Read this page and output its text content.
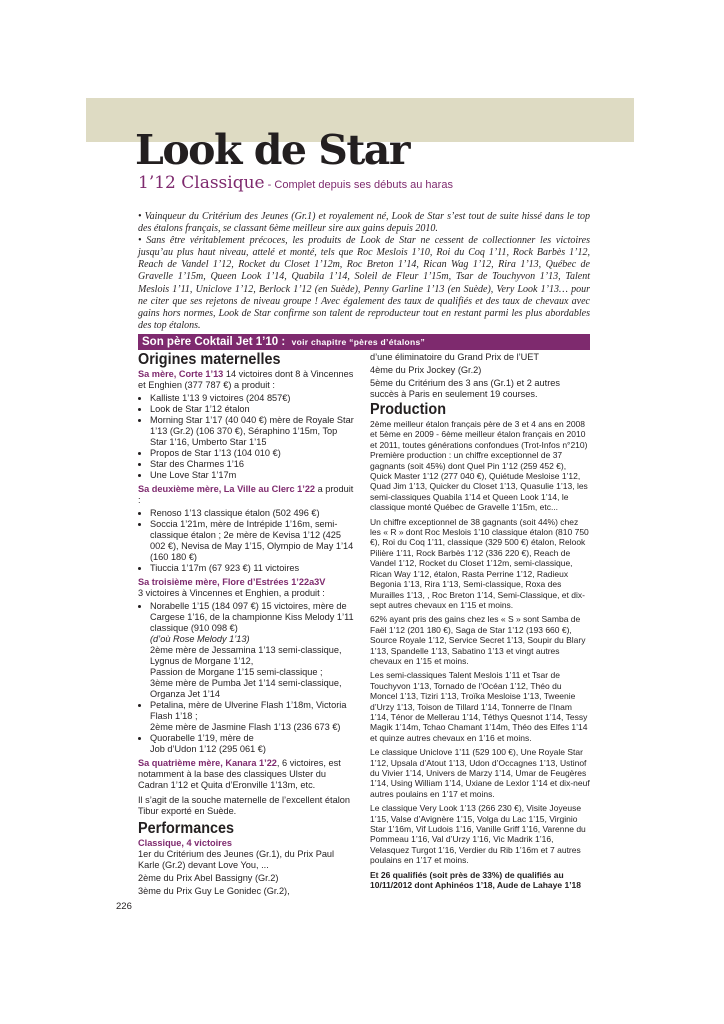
Look de Star
1’12 Classique - Complet depuis ses débuts au haras

• Vainqueur du Critérium des Jeunes (Gr.1) et royalement né, Look de Star s’est tout de suite hissé dans le top des étalons français, se classant 6ème meilleur sire aux gains depuis 2010.

• Sans être véritablement précoces, les produits de Look de Star ne cessent de collectionner les victoires jusqu’au plus haut niveau, attelé et monté, tels que Roc Meslois 1’10, Roi du Coq 1’11, Rock Barbès 1’12, Reach de Vandel 1’12, Rocket du Closet 1’12m, Roc Breton 1’14, Rican Wag 1’12, Rira 1’13, Québec de Gravelle 1’15m, Queen Look 1’14, Quabila 1’14, Soleil de Fleur 1’15m, Tsar de Touchyvon 1’13, Talent Meslois 1’11, Uniclove 1’12, Berlock 1’12 (en Suède), Penny Garline 1’13 (en Suède), Very Look 1’13… pour ne citer que ses rejetons de niveau groupe ! Avec également des taux de qualifiés et des taux de chevaux avec gains hors normes, Look de Star confirme son talent de reproducteur tout en restant parmi les plus abordables des top étalons.

Son père Coktail Jet 1’10 : voir chapitre “pères d’étalons”
Origines maternelles
Sa mère, Corte 1’13 14 victoires dont 8 à Vincennes et Enghien (377 787 €) a produit :
• Kalliste 1’13 9 victoires (204 857€)
• Look de Star 1’12 étalon
• Morning Star 1’17 (40 040 €) mère de Royale Star 1’13 (Gr.2) (106 370 €), Séraphino 1’15m, Top Star 1’16, Umberto Star 1’15
• Propos de Star 1’13 (104 010 €)
• Star des Charmes 1’16
• Une Love Star 1’17m
Sa deuxième mère, La Ville au Clerc 1’22 a produit :
• Renoso 1’13 classique étalon (502 496 €)
• Soccia 1’21m, mère de Intrépide 1’16m, semi-classique étalon ; 2e mère de Kevisa 1’12 (425 002 €), Nevisa de May 1’15, Olympio de May 1’14 (160 180 €)
• Tiuccia 1’17m (67 923 €) 11 victoires
Sa troisième mère, Flore d’Estrées 1’22a3V
3 victoires à Vincennes et Enghien, a produit :
• Norabelle 1’15 (184 097 €) 15 victoires, mère de Cargese 1’16, de la championne Kiss Melody 1’11 classique (910 098 €)
(d’où Rose Melody 1’13)
2ème mère de Jessamina 1’13 semi-classique,
Lygnus de Morgane 1’12,
Passion de Morgane 1’15 semi-classique ;
3ème mère de Pumba Jet 1’14 semi-classique,
Organza Jet 1’14
• Petalina, mère de Ulverine Flash 1’18m, Victoria Flash 1’18 ;
2ème mère de Jasmine Flash 1’13 (236 673 €)
• Quorabelle 1’19, mère de
Job d’Udon 1’12 (295 061 €)
Sa quatrième mère, Kanara 1’22, 6 victoires, est notamment à la base des classiques Ulster du Cadran 1’12 et Quita d’Eronville 1’13m, etc.
Il s’agit de la souche maternelle de l’excellent étalon Tibur exporté en Suède.
Performances
Classique, 4 victoires
1er du Critérium des Jeunes (Gr.1), du Prix Paul Karle (Gr.2) devant Love You, ...
2ème du Prix Abel Bassigny (Gr.2)
3ème du Prix Guy Le Gonidec (Gr.2),
d’une éliminatoire du Grand Prix de l’UET
4ème du Prix Jockey (Gr.2)
5ème du Critérium des 3 ans (Gr.1) et 2 autres succès à Paris en seulement 19 courses.
Production
2ème meilleur étalon français père de 3 et 4 ans en 2008 et 5ème en 2009 - 6ème meilleur étalon français en 2010 et 2011, toutes générations confondues (Trot-Infos n°210) Première production : un chiffre exceptionnel de 37 gagnants (soit 45%) dont Quel Pin 1’12 (259 452 €), Quick Master 1’12 (277 040 €), Quiétude Mesloise 1’12, Quad Jim 1’13, Quicker du Closet 1’13, Quasulie 1’13, les semi-classiques Quabila 1’14 et Queen Look 1’14, le classique monté Québec de Gravelle 1’15m, etc...
Un chiffre exceptionnel de 38 gagnants (soit 44%) chez les « R » dont Roc Meslois 1’10 classique étalon (810 750 €), Roi du Coq 1’11, classique (329 500 €) étalon, Relook Pilière 1’11, Rock Barbès 1’12 (336 220 €), Reach de Vandel 1’12, Rocket du Closet 1’12m, semi-classique, Rican Way 1’12, étalon, Rasta Perrine 1’12, Radieux Begonia 1’13, Rira 1’13, Semi-classique, Roxa des Murailles 1’13, , Roc Breton 1’14, Semi-Classique, et dix-sept autres chevaux en 1’15 et moins.
62% ayant pris des gains chez les « S » sont Samba de Faël 1’12 (201 180 €), Saga de Star 1’12 (193 660 €), Source Royale 1’12, Service Secret 1’13, Soupir du Blary 1’13, Spandelle 1’13, Sabatino 1’13 et vingt autres chevaux en 1’15 et moins.
Les semi-classiques Talent Meslois 1’11 et Tsar de Touchyvon 1’13, Tornado de l’Océan 1’12, Théo du Moncel 1’13, Tiziri 1’13, Troïka Mesloise 1’13, Tweenie d’Urzy 1’13, Toison de Tillard 1’14, Tonnerre de l’Inam 1’14, Ténor de Mellerau 1’14, Téthys Quesnot 1’14, Tessy Magik 1’14m, Tchao Chamant 1’14m, Théo des Elfes 1’14 et quinze autres chevaux en 1’16 et moins.
Le classique Uniclove 1’11 (529 100 €), Une Royale Star 1’12, Upsala d’Atout 1’13, Udon d’Occagnes 1’13, Ustinof du Vivier 1’14, Univers de Marzy 1’14, Umar de Feugères 1’14, Using William 1’14, Uxiane de Lexlor 1’14 et dix-neuf autres poulains en 1’17 et moins.
Le classique Very Look 1’13 (266 230 €), Visite Joyeuse 1’15, Valse d’Avignère 1’15, Volga du Lac 1’15, Virginio Star 1’16m, Vif Ludois 1’16, Vanille Griff 1’16, Varenne du Pommeau 1’16, Val d’Urzy 1’16, Vic Madrik 1’16, Velasquez Turgot 1’16, Verdier du Rib 1’16m et 7 autres poulains en 1’17 et moins.
Et 26 qualifiés (soit près de 33%) de qualifiés au 10/11/2012 dont Aphinéos 1’18, Aude de Lahaye 1’18
226
